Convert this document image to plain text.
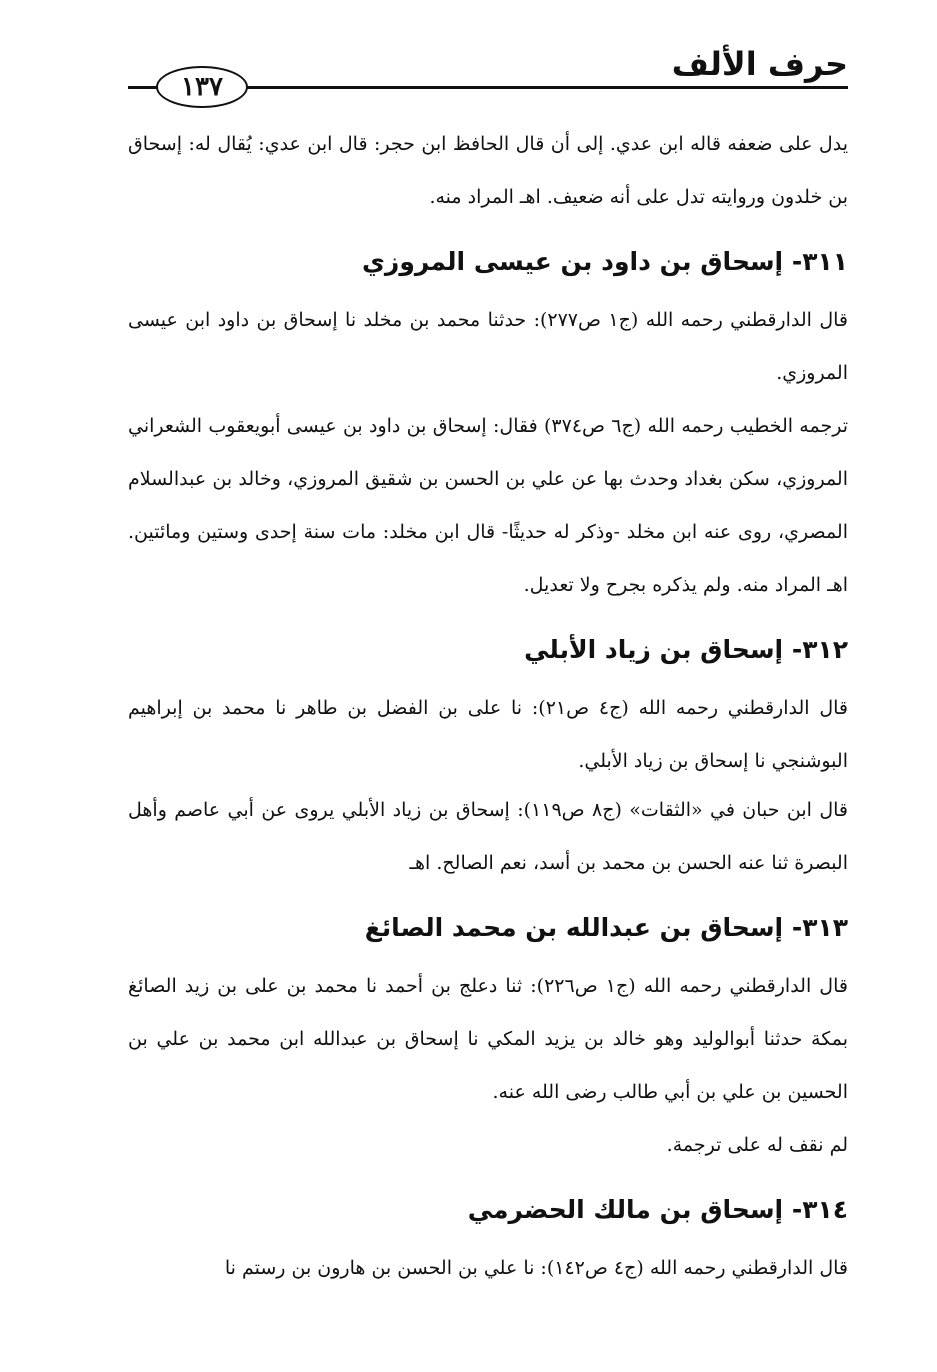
١٣٧
حرف الألف

يدل على ضعفه قاله ابن عدي. إلى أن قال الحافظ ابن حجر: قال ابن عدي: يُقال له: إسحاق بن خلدون وروايته تدل على أنه ضعيف. اهـ المراد منه.

٣١١- إسحاق بن داود بن عيسى المروزي

قال الدارقطني رحمه الله (ج١ ص٢٧٧): حدثنا محمد بن مخلد نا إسحاق بن داود ابن عيسى المروزي.

ترجمه الخطيب رحمه الله (ج٦ ص٣٧٤) فقال: إسحاق بن داود بن عيسى أبويعقوب الشعراني المروزي، سكن بغداد وحدث بها عن علي بن الحسن بن شقيق المروزي، وخالد بن عبدالسلام المصري، روى عنه ابن مخلد -وذكر له حديثًا- قال ابن مخلد: مات سنة إحدى وستين ومائتين. اهـ المراد منه. ولم يذكره بجرح ولا تعديل.

٣١٢- إسحاق بن زياد الأبلي

قال الدارقطني رحمه الله (ج٤ ص٢١): نا على بن الفضل بن طاهر نا محمد بن إبراهيم البوشنجي نا إسحاق بن زياد الأبلي.

قال ابن حبان في «الثقات» (ج٨ ص١١٩): إسحاق بن زياد الأبلي يروى عن أبي عاصم وأهل البصرة ثنا عنه الحسن بن محمد بن أسد، نعم الصالح. اهـ

٣١٣- إسحاق بن عبدالله بن محمد الصائغ

قال الدارقطني رحمه الله (ج١ ص٢٢٦): ثنا دعلج بن أحمد نا محمد بن على بن زيد الصائغ بمكة حدثنا أبوالوليد وهو خالد بن يزيد المكي نا إسحاق بن عبدالله ابن محمد بن علي بن الحسين بن علي بن أبي طالب رضى الله عنه.

لم نقف له على ترجمة.

٣١٤- إسحاق بن مالك الحضرمي

قال الدارقطني رحمه الله (ج٤ ص١٤٢): نا علي بن الحسن بن هارون بن رستم نا
